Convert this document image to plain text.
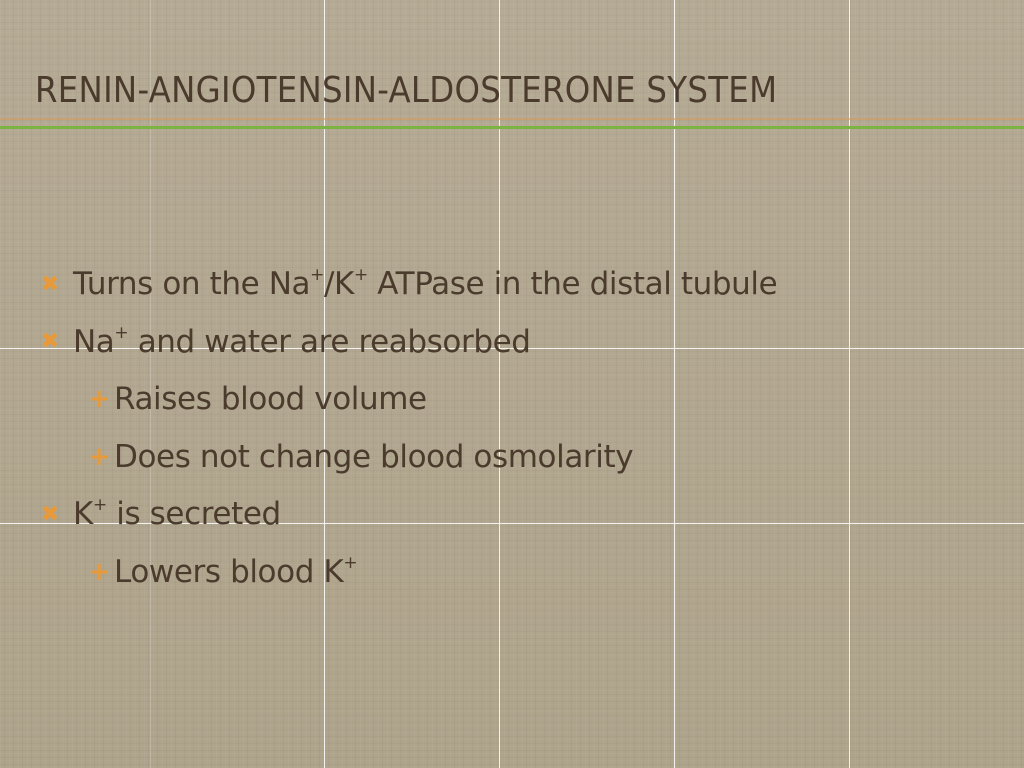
RENIN-ANGIOTENSIN-ALDOSTERONE SYSTEM
✖ Turns on the Na+/K+ ATPase in the distal tubule
✖ Na+ and water are reabsorbed
+ Raises blood volume
+ Does not change blood osmolarity
✖ K+ is secreted
+ Lowers blood K+
